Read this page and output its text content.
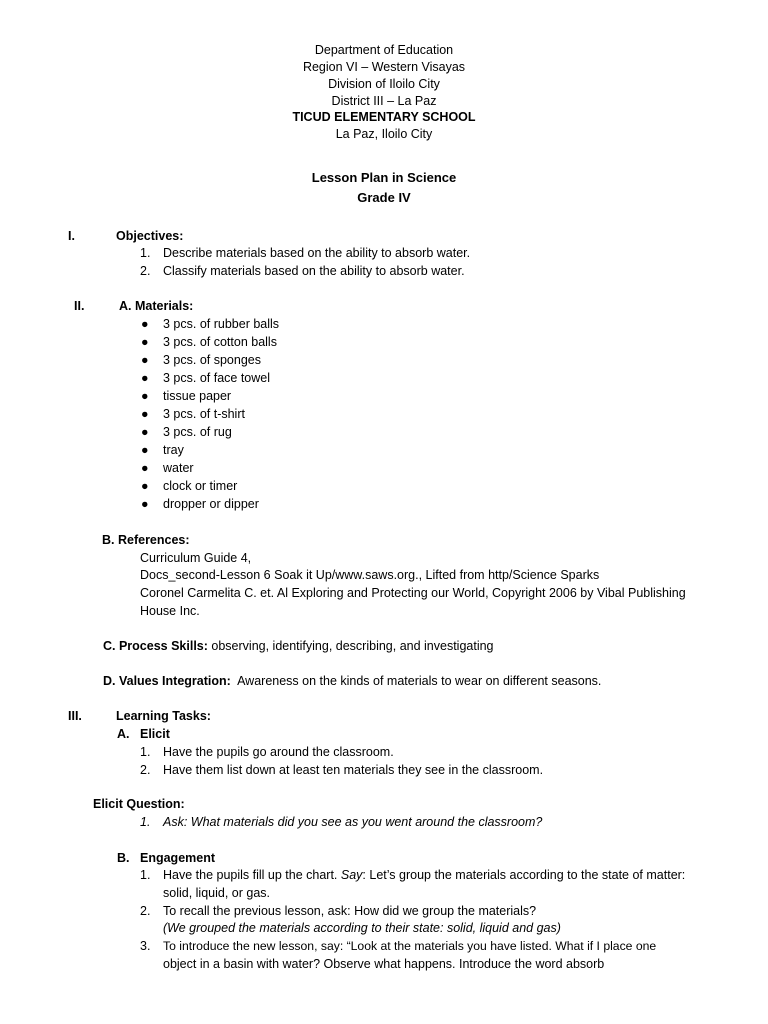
Department of Education
Region VI – Western Visayas
Division of Iloilo City
District III – La Paz
TICUD ELEMENTARY SCHOOL
La Paz, Iloilo City
Lesson Plan in Science
Grade IV
I.	Objectives:
1. Describe materials based on the ability to absorb water.
2. Classify materials based on the ability to absorb water.
II.	A. Materials:
● 3 pcs. of rubber balls
● 3 pcs. of cotton balls
● 3 pcs. of sponges
● 3 pcs. of face towel
● tissue paper
● 3 pcs. of t-shirt
● 3 pcs. of rug
● tray
● water
● clock or timer
● dropper or dipper
B. References:
Curriculum Guide 4,
Docs_second-Lesson 6 Soak it Up/www.saws.org., Lifted from http/Science Sparks
Coronel Carmelita C. et. Al Exploring and Protecting our World, Copyright 2006 by Vibal Publishing
House Inc.
C. Process Skills: observing, identifying, describing, and investigating
D. Values Integration:  Awareness on the kinds of materials to wear on different seasons.
III.	Learning Tasks:
A. Elicit
1. Have the pupils go around the classroom.
2. Have them list down at least ten materials they see in the classroom.
Elicit Question:
1. Ask: What materials did you see as you went around the classroom?
B. Engagement
1. Have the pupils fill up the chart. Say: Let’s group the materials according to the state of matter:
solid, liquid, or gas.
2. To recall the previous lesson, ask: How did we group the materials?
(We grouped the materials according to their state: solid, liquid and gas)
3. To introduce the new lesson, say: “Look at the materials you have listed. What if I place one
object in a basin with water? Observe what happens. Introduce the word absorb
